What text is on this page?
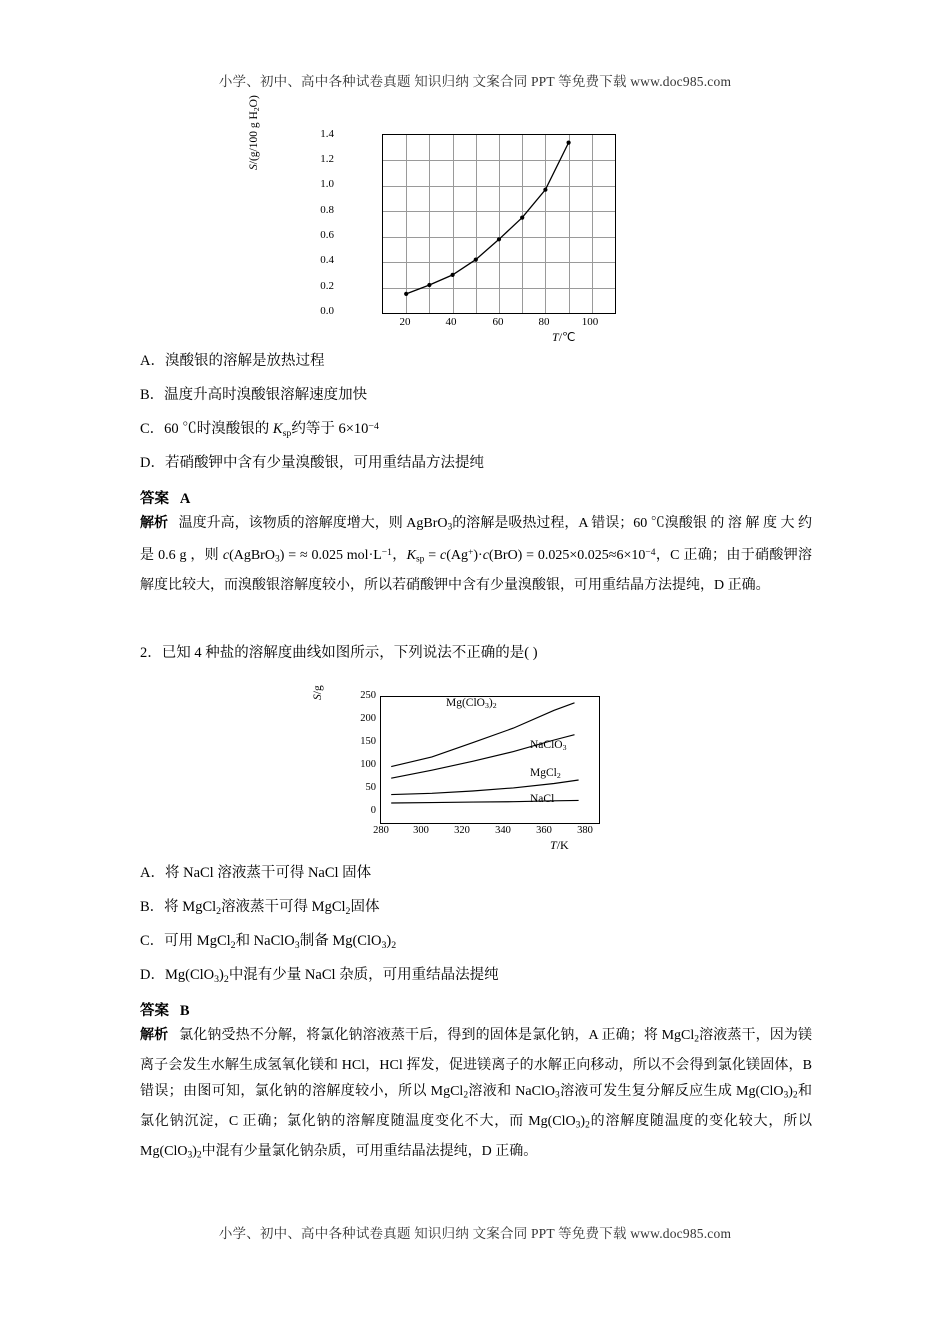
小学、初中、高中各种试卷真题 知识归纳 文案合同 PPT 等免费下载 www.doc985.com
S/(g/100 g $H_2O$)
1.4
1.2
1.0
0.8
0.6
0.4
0.2
0.0
20	40	60	80	100
T/℃
A．溴酸银的溶解是放热过程
B．温度升高时溴酸银溶解速度加快
C．60 ℃时溴酸银的 $K_{sp}$约等于 $6\times 10^{-4}$
D．若硝酸钾中含有少量溴酸银，可用重结晶方法提纯
答案 A
解析   温度升高，该物质的溶解度增大，则 AgBrO$_3$的溶解是吸热过程，A 错误；60 ℃溴酸银 的 溶 解 度 大 约 是 0.6 g ，则 c(AgBrO$_3$) = ≈ 0.025 $mol\cdot L^{-1}$，$K_{sp} = c(Ag^+)\cdot c(BrO) = 0.025\times 0.025\approx 6\times 10^{-4}$，C 正确；由于硝酸钾溶解度比较大，而溴酸银溶解度较小，所以若硝酸钾中含有少量溴酸银，可用重结晶方法提纯，D 正确。
2．已知 4 种盐的溶解度曲线如图所示，下列说法不正确的是( )
S/g
250
200
150
100
50
0
$Mg(ClO_3)_2$
NaClO$_3$
MgCl$_2$
NaCl
280	300	320	340	360	380
T/K
A．将 NaCl 溶液蒸干可得 NaCl 固体
B．将 MgCl$_2$溶液蒸干可得 MgCl$_2$固体
C．可用 MgCl$_2$和 NaClO$_3$制备 $Mg(ClO_3)_2$
D．$Mg(ClO_3)_2$中混有少量 NaCl 杂质，可用重结晶法提纯
答案 B
解析   氯化钠受热不分解，将氯化钠溶液蒸干后，得到的固体是氯化钠，A 正确；将 MgCl$_2$溶液蒸干，因为镁离子会发生水解生成氢氧化镁和 HCl，HCl 挥发，促进镁离子的水解正向移动，所以不会得到氯化镁固体，B 错误；由图可知，氯化钠的溶解度较小，所以 MgCl$_2$溶液和 NaClO$_3$溶液可发生复分解反应生成 $Mg(ClO_3)_2$和氯化钠沉淀，C 正确；氯化钠的溶解度随温度变化不大，而 $Mg(ClO_3)_2$的溶解度随温度的变化较大，所以 $Mg(ClO_3)_2$中混有少量氯化钠杂质，可用重结晶法提纯，D 正确。
小学、初中、高中各种试卷真题 知识归纳 文案合同 PPT 等免费下载 www.doc985.com
